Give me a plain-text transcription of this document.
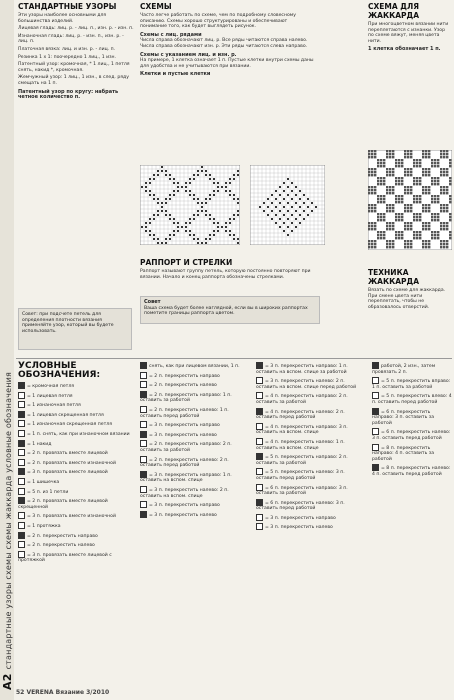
A2стандартные узоры схемы схемы жаккарда условные обозначения
СТАНДАРТНЫЕ УЗОРЫ
Эти узоры наиболее основными для большинства изделий.
Лицевая гладь: лиц. р. - лиц. п., изн. р. - изн. п.
Изнаночная гладь: лиц. р. - изн. п., изн. р. - лиц. п.
Платочная вязка: лиц. и изн. р. - лиц. п.
Резинка 1 х 1: поочередно 1 лиц., 1 изн.
Патентный узор: кромочная, * 1 лиц., 1 петля снять, накид *, кромочная.
Жемчужный узор: 1 лиц., 1 изн., в след. ряду смещать на 1 п.
Патентный узор по кругу: набрать четное количество п.
Совет: при подсчете петель для определения плотности вязания применяйте узор, который вы будете использовать.
СХЕМЫ
Часто легче работать по схеме, чем по подробному словесному описанию. Схемы хорошо структурированы и обеспечивают понимание того, как будет выглядеть рисунок.
Схемы с лиц. рядами
Числа справа обозначают лиц. р. Все ряды читаются справа налево. Числа справа обозначают изн. р. Эти ряды читаются слева направо.
Схемы с указанием лиц. и изн. р.
На примере, 1 клетка означает 1 п. Пустые клетки внутри схемы даны для удобства и не учитываются при вязании.
Клетки и пустые клетки
РАППОРТ И СТРЕЛКИ
Раппорт называют группу петель, которую постоянно повторяют при вязании. Начало и конец раппорта обозначены стрелками.
Совет
Ваша схема будет более наглядной, если вы в широких раппортах пометите границы раппорта цветом.
СХЕМА ДЛЯ ЖАККАРДА
При многоцветном вязании нити переплетаются с изнанки. Узор по схеме вяжут, меняя цвета нити.
1 клетка обозначает 1 п.
ТЕХНИКА ЖАККАРДА
Вязать по схеме для жаккарда. При смене цвета нити переплетать, чтобы не образовалось отверстий.
УСЛОВНЫЕ ОБОЗНАЧЕНИЯ:
= кромочная петля
= 1 лицевая петля
= 1 изнаночная петля
= 1 лицевая скрещенная петля
= 1 изнаночная скрещенная петля
= 1 п. снять, как при изнаночном вязании
= 1 накид
= 2 п. провязать вместе лицевой
= 2 п. провязать вместе изнаночной
= 3 п. провязать вместе лицевой
= 1 шишечка
= 5 п. из 1 петли
= 2 п. провязать вместе лицевой скрещенной
= 3 п. провязать вместе изнаночной
= 1 протяжка
= 2 п. перекрестить направо
= 2 п. перекрестить налево
= 3 п. провязать вместе лицевой с протяжкой
снять, как при лицевом вязании, 1 п.
= 2 п. перекрестить направо
= 2 п. перекрестить налево
= 2 п. перекрестить направо: 1 п. оставить за работой
= 2 п. перекрестить налево: 1 п. оставить перед работой
= 3 п. перекрестить направо
= 3 п. перекрестить налево
= 2 п. перекрестить направо: 2 п. оставить за работой
= 2 п. перекрестить налево: 2 п. оставить перед работой
= 3 п. перекрестить направо: 1 п. оставить на вспом. спице
= 3 п. перекрестить налево: 2 п. оставить на вспом. спице
= 3 п. перекрестить направо
= 3 п. перекрестить налево
= 3 п. перекрестить направо: 1 п. оставить на вспом. спице за работой
= 3 п. перекрестить налево: 2 п. оставить на вспом. спице перед работой
= 4 п. перекрестить направо: 2 п. оставить за работой
= 4 п. перекрестить налево: 2 п. оставить перед работой
= 4 п. перекрестить направо: 3 п. оставить на вспом. спице
= 4 п. перекрестить налево: 1 п. оставить на вспом. спице
= 5 п. перекрестить направо: 2 п. оставить за работой
= 5 п. перекрестить налево: 3 п. оставить перед работой
= 6 п. перекрестить направо: 3 п. оставить за работой
= 6 п. перекрестить налево: 3 п. оставить перед работой
= 3 п. перекрестить направо
= 3 п. перекрестить налево
работой, 2 изн., затем провязать 2 п.
= 5 п. перекрестить вправо: 1 п. оставить за работой
= 5 п. перекрестить влево: 4 п. оставить перед работой
= 6 п. перекрестить направо: 3 п. оставить за работой
= 6 п. перекрестить налево: 3 п. оставить перед работой
= 8 п. перекрестить направо: 4 п. оставить за работой
= 8 п. перекрестить налево: 4 п. оставить перед работой
52 VERENA Вязание 3/2010
